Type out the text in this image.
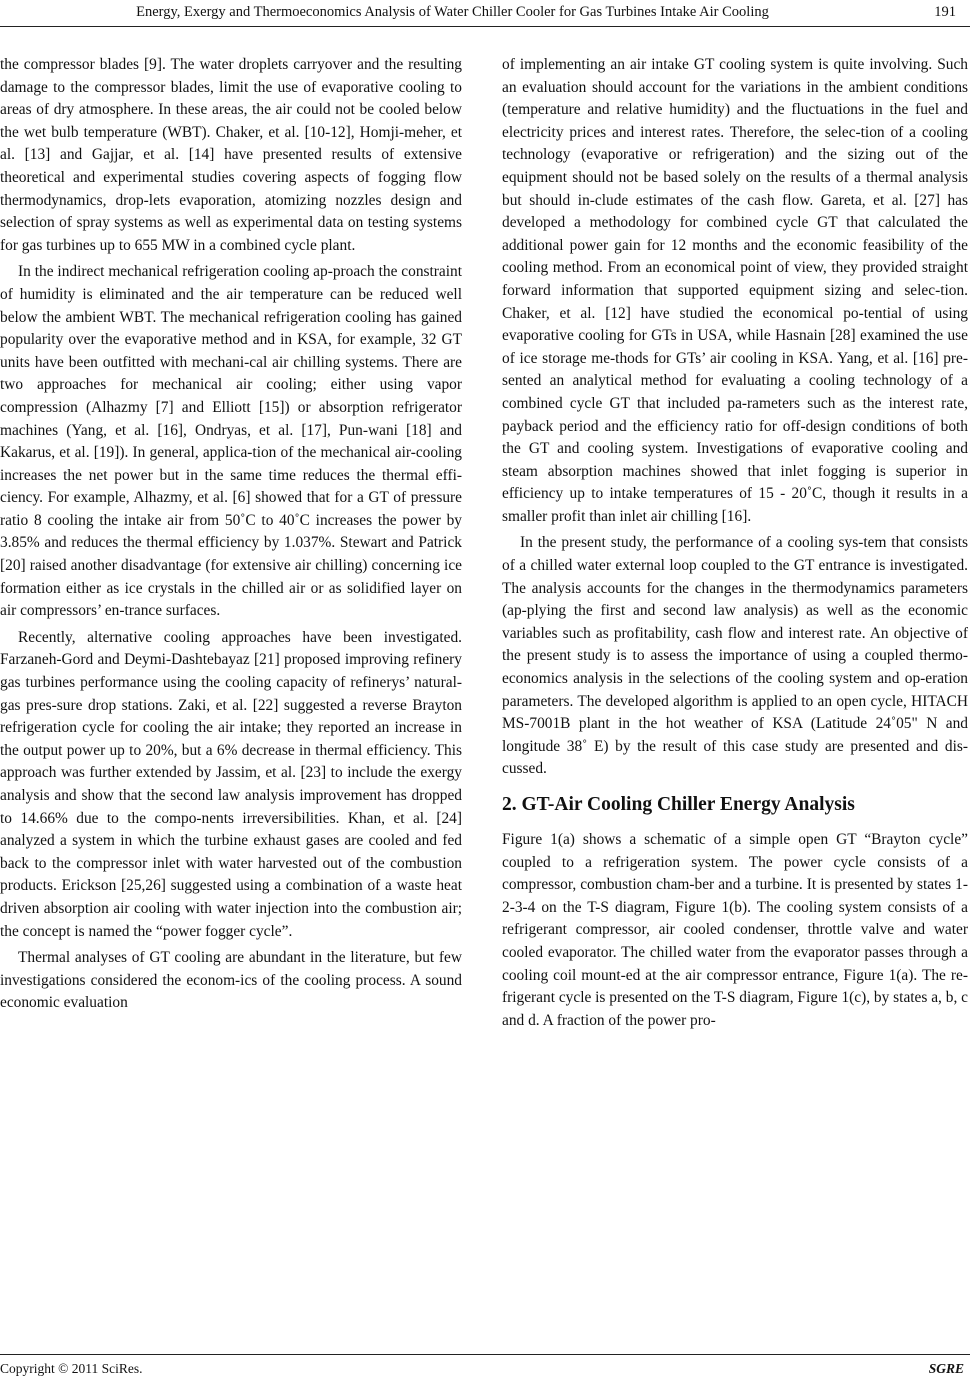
Energy, Exergy and Thermoeconomics Analysis of Water Chiller Cooler for Gas Turbines Intake Air Cooling	191

the compressor blades [9]. The water droplets carryover and the resulting damage to the compressor blades, limit the use of evaporative cooling to areas of dry atmosphere. In these areas, the air could not be cooled below the wet bulb temperature (WBT). Chaker, et al. [10-12], Homji-meher, et al. [13] and Gajjar, et al. [14] have presented results of extensive theoretical and experimental studies covering aspects of fogging flow thermodynamics, drop-lets evaporation, atomizing nozzles design and selection of spray systems as well as experimental data on testing systems for gas turbines up to 655 MW in a combined cycle plant.

In the indirect mechanical refrigeration cooling ap-proach the constraint of humidity is eliminated and the air temperature can be reduced well below the ambient WBT. The mechanical refrigeration cooling has gained popularity over the evaporative method and in KSA, for example, 32 GT units have been outfitted with mechani-cal air chilling systems. There are two approaches for mechanical air cooling; either using vapor compression (Alhazmy [7] and Elliott [15]) or absorption refrigerator machines (Yang, et al. [16], Ondryas, et al. [17], Pun-wani [18] and Kakarus, et al. [19]). In general, applica-tion of the mechanical air-cooling increases the net power but in the same time reduces the thermal effi-ciency. For example, Alhazmy, et al. [6] showed that for a GT of pressure ratio 8 cooling the intake air from 50˚C to 40˚C increases the power by 3.85% and reduces the thermal efficiency by 1.037%. Stewart and Patrick [20] raised another disadvantage (for extensive air chilling) concerning ice formation either as ice crystals in the chilled air or as solidified layer on air compressors’ en-trance surfaces.

Recently, alternative cooling approaches have been investigated. Farzaneh-Gord and Deymi-Dashtebayaz [21] proposed improving refinery gas turbines performance using the cooling capacity of refinerys’ natural-gas pres-sure drop stations. Zaki, et al. [22] suggested a reverse Brayton refrigeration cycle for cooling the air intake; they reported an increase in the output power up to 20%, but a 6% decrease in thermal efficiency. This approach was further extended by Jassim, et al. [23] to include the exergy analysis and show that the second law analysis improvement has dropped to 14.66% due to the compo-nents irreversibilities. Khan, et al. [24] analyzed a system in which the turbine exhaust gases are cooled and fed back to the compressor inlet with water harvested out of the combustion products. Erickson [25,26] suggested using a combination of a waste heat driven absorption air cooling with water injection into the combustion air; the concept is named the “power fogger cycle”.

Thermal analyses of GT cooling are abundant in the literature, but few investigations considered the econom-ics of the cooling process. A sound economic evaluation

of implementing an air intake GT cooling system is quite involving. Such an evaluation should account for the variations in the ambient conditions (temperature and relative humidity) and the fluctuations in the fuel and electricity prices and interest rates. Therefore, the selec-tion of a cooling technology (evaporative or refrigeration) and the sizing out of the equipment should not be based solely on the results of a thermal analysis but should in-clude estimates of the cash flow. Gareta, et al. [27] has developed a methodology for combined cycle GT that calculated the additional power gain for 12 months and the economic feasibility of the cooling method. From an economical point of view, they provided straight forward information that supported equipment sizing and selec-tion. Chaker, et al. [12] have studied the economical po-tential of using evaporative cooling for GTs in USA, while Hasnain [28] examined the use of ice storage me-thods for GTs’ air cooling in KSA. Yang, et al. [16] pre-sented an analytical method for evaluating a cooling technology of a combined cycle GT that included pa-rameters such as the interest rate, payback period and the efficiency ratio for off-design conditions of both the GT and cooling system. Investigations of evaporative cooling and steam absorption machines showed that inlet fogging is superior in efficiency up to intake temperatures of 15 - 20˚C, though it results in a smaller profit than inlet air chilling [16].

In the present study, the performance of a cooling sys-tem that consists of a chilled water external loop coupled to the GT entrance is investigated. The analysis accounts for the changes in the thermodynamics parameters (ap-plying the first and second law analysis) as well as the economic variables such as profitability, cash flow and interest rate. An objective of the present study is to assess the importance of using a coupled thermo-economics analysis in the selections of the cooling system and op-eration parameters. The developed algorithm is applied to an open cycle, HITACH MS-7001B plant in the hot weather of KSA (Latitude 24˚05" N and longitude 38˚ E) by the result of this case study are presented and dis-cussed.

2. GT-Air Cooling Chiller Energy Analysis

Figure 1(a) shows a schematic of a simple open GT “Brayton cycle” coupled to a refrigeration system. The power cycle consists of a compressor, combustion cham-ber and a turbine. It is presented by states 1-2-3-4 on the T-S diagram, Figure 1(b). The cooling system consists of a refrigerant compressor, air cooled condenser, throttle valve and water cooled evaporator. The chilled water from the evaporator passes through a cooling coil mount-ed at the air compressor entrance, Figure 1(a). The re-frigerant cycle is presented on the T-S diagram, Figure 1(c), by states a, b, c and d. A fraction of the power pro-

Copyright © 2011 SciRes.	SGRE
